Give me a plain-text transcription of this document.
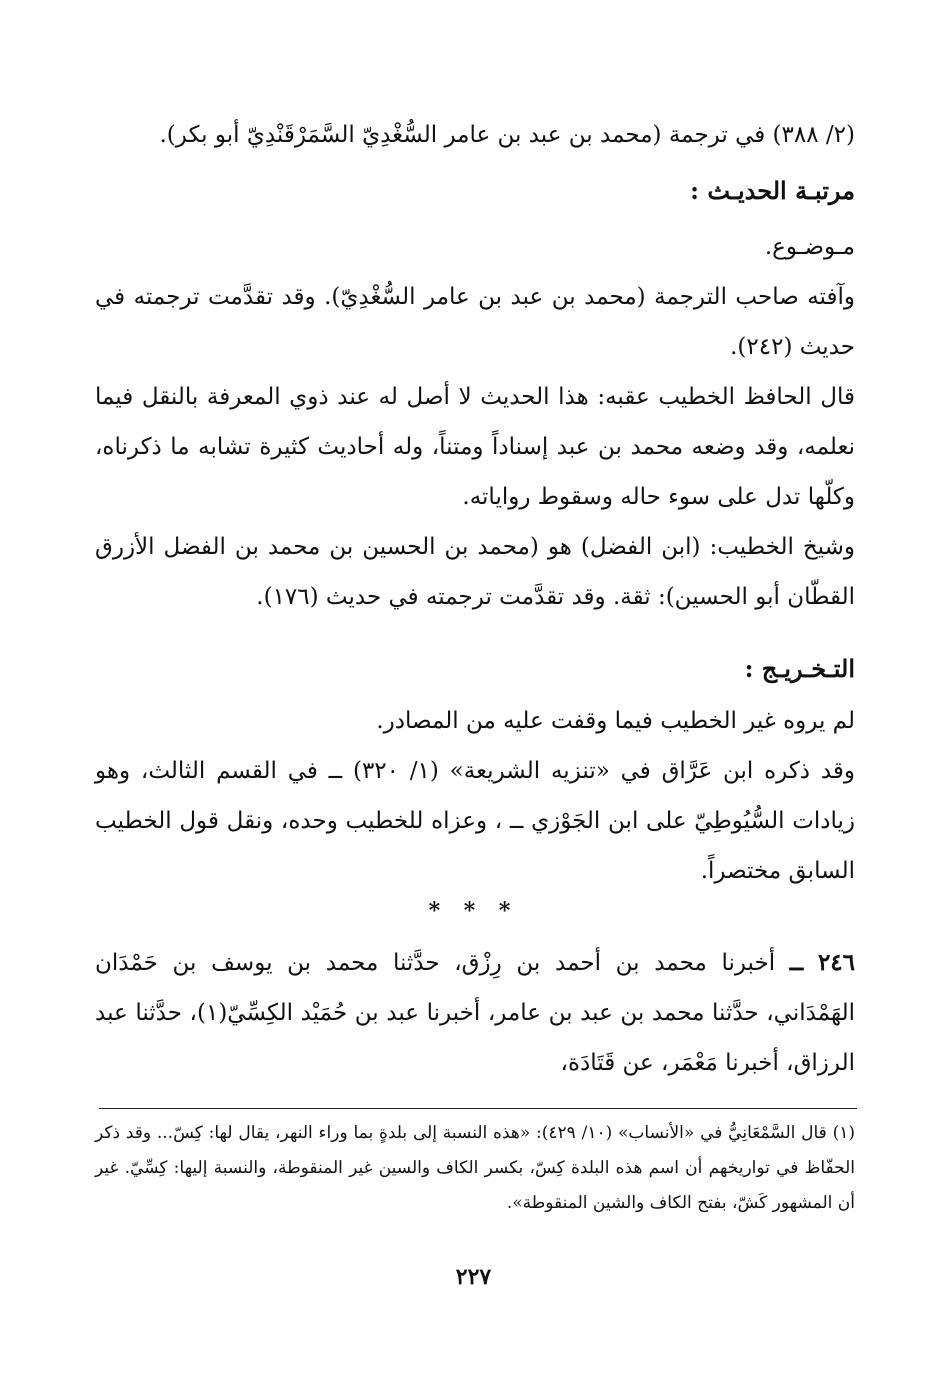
(٢/ ٣٨٨) في ترجمة (محمد بن عبد بن عامر السُّغْدِيّ السَّمَرْقَنْدِيّ أبو بكر).

مرتبـة الحديـث :

مـوضـوع.

وآفته صاحب الترجمة (محمد بن عبد بن عامر السُّغْدِيّ). وقد تقدَّمت ترجمته في حديث (٢٤٢).

قال الحافظ الخطيب عقبه: هذا الحديث لا أصل له عند ذوي المعرفة بالنقل فيما نعلمه، وقد وضعه محمد بن عبد إسناداً ومتناً، وله أحاديث كثيرة تشابه ما ذكرناه، وكلّها تدل على سوء حاله وسقوط رواياته.

وشيخ الخطيب: (ابن الفضل) هو (محمد بن الحسين بن محمد بن الفضل الأزرق القطّان أبو الحسين): ثقة. وقد تقدَّمت ترجمته في حديث (١٧٦).

التـخـريـج :

لم يروه غير الخطيب فيما وقفت عليه من المصادر.

وقد ذكره ابن عَرَّاق في «تنزيه الشريعة» (١/ ٣٢٠) ــ في القسم الثالث، وهو زيادات السُّيُوطِيّ على ابن الجَوْزي ــ ، وعزاه للخطيب وحده، ونقل قول الخطيب السابق مختصراً.

* * *

٢٤٦ ــ أخبرنا محمد بن أحمد بن رِزْق، حدَّثنا محمد بن يوسف بن حَمْدَان الهَمْدَاني، حدَّثنا محمد بن عبد بن عامر، أخبرنا عبد بن حُمَيْد الكِسِّيّ(١)، حدَّثنا عبد الرزاق، أخبرنا مَعْمَر، عن قَتَادَة،

(١) قال السَّمْعَانِيُّ في «الأنساب» (١٠/ ٤٢٩): «هذه النسبة إلى بلدةٍ بما وراء النهر، يقال لها: كِسّ... وقد ذكر الحفّاظ في تواريخهم أن اسم هذه البلدة كِسّ، بكسر الكاف والسين غير المنقوطة، والنسبة إليها: كِسِّيّ. غير أن المشهور كَشّ، بفتح الكاف والشين المنقوطة».

٢٢٧
